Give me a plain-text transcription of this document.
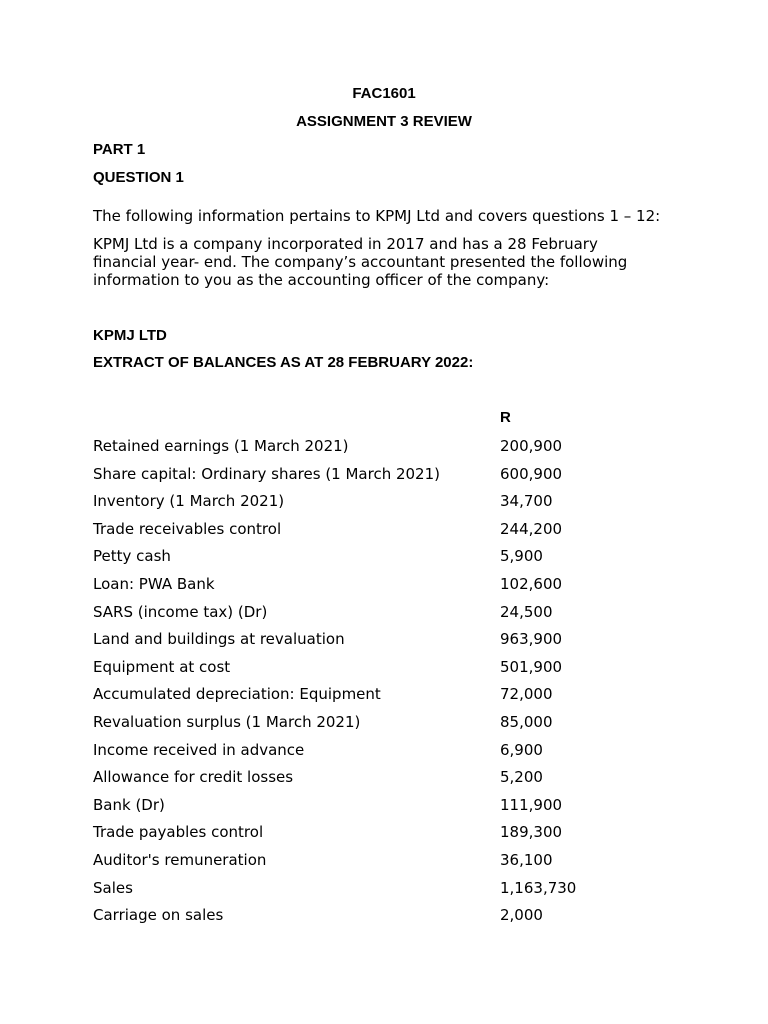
FAC1601
ASSIGNMENT 3 REVIEW
PART 1
QUESTION 1
The following information pertains to KPMJ Ltd and covers questions 1 – 12:
KPMJ Ltd is a company incorporated in 2017 and has a 28 February financial year- end. The company’s accountant presented the following information to you as the accounting officer of the company:
KPMJ LTD
EXTRACT OF BALANCES AS AT 28 FEBRUARY 2022:
R
Retained earnings (1 March 2021)	200,900
Share capital: Ordinary shares (1 March 2021)	600,900
Inventory (1 March 2021)	34,700
Trade receivables control	244,200
Petty cash	5,900
Loan: PWA Bank	102,600
SARS (income tax) (Dr)	24,500
Land and buildings at revaluation	963,900
Equipment at cost	501,900
Accumulated depreciation: Equipment	72,000
Revaluation surplus (1 March 2021)	85,000
Income received in advance	6,900
Allowance for credit losses	5,200
Bank (Dr)	111,900
Trade payables control	189,300
Auditor's remuneration	36,100
Sales	1,163,730
Carriage on sales	2,000
